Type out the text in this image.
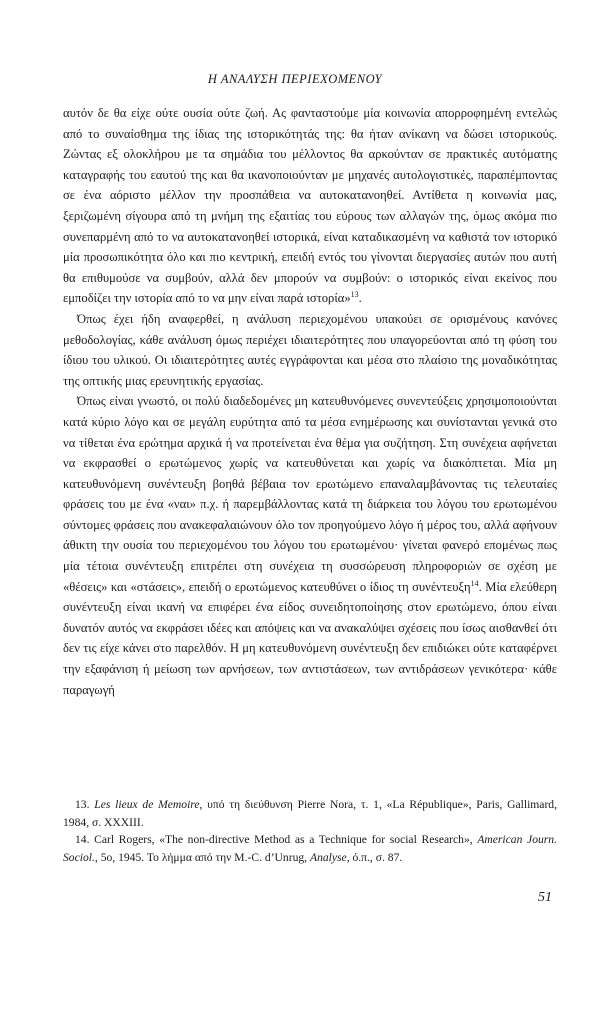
Η ΑΝΑΛΥΣΗ ΠΕΡΙΕΧΟΜΕΝΟΥ

αυτόν δε θα είχε ούτε ουσία ούτε ζωή. Ας φανταστούμε μία κοινωνία απορροφημένη εντελώς από το συναίσθημα της ίδιας της ιστορικότητάς της: θα ήταν ανίκανη να δώσει ιστορικούς. Ζώντας εξ ολοκλήρου με τα σημάδια του μέλλοντος θα αρκούνταν σε πρακτικές αυτόματης καταγραφής του εαυτού της και θα ικανοποιούνταν με μηχανές αυτολογιστικές, παραπέμποντας σε ένα αόριστο μέλλον την προσπάθεια να αυτοκατανοηθεί. Αντίθετα η κοινωνία μας, ξεριζωμένη σίγουρα από τη μνήμη της εξαιτίας του εύρους των αλλαγών της, όμως ακόμα πιο συνεπαρμένη από το να αυτοκατανοηθεί ιστορικά, είναι καταδικασμένη να καθιστά τον ιστορικό μία προσωπικότητα όλο και πιο κεντρική, επειδή εντός του γίνονται διεργασίες αυτών που αυτή θα επιθυμούσε να συμβούν, αλλά δεν μπορούν να συμβούν: ο ιστορικός είναι εκείνος που εμποδίζει την ιστορία από το να μην είναι παρά ιστορία»$^{13}$.

Όπως έχει ήδη αναφερθεί, η ανάλυση περιεχομένου υπακούει σε ορισμένους κανόνες μεθοδολογίας, κάθε ανάλυση όμως περιέχει ιδιαιτερότητες που υπαγορεύονται από τη φύση του ίδιου του υλικού. Οι ιδιαιτερότητες αυτές εγγράφονται και μέσα στο πλαίσιο της μοναδικότητας της οπτικής μιας ερευνητικής εργασίας.

Όπως είναι γνωστό, οι πολύ διαδεδομένες μη κατευθυνόμενες συνεντεύξεις χρησιμοποιούνται κατά κύριο λόγο και σε μεγάλη ευρύτητα από τα μέσα ενημέρωσης και συνίστανται γενικά στο να τίθεται ένα ερώτημα αρχικά ή να προτείνεται ένα θέμα για συζήτηση. Στη συνέχεια αφήνεται να εκφρασθεί ο ερωτώμενος χωρίς να κατευθύνεται και χωρίς να διακόπτεται. Μία μη κατευθυνόμενη συνέντευξη βοηθά βέβαια τον ερωτώμενο επαναλαμβάνοντας τις τελευταίες φράσεις του με ένα «ναι» π.χ. ή παρεμβάλλοντας κατά τη διάρκεια του λόγου του ερωτωμένου σύντομες φράσεις που ανακεφαλαιώνουν όλο τον προηγούμενο λόγο ή μέρος του, αλλά αφήνουν άθικτη την ουσία του περιεχομένου του λόγου του ερωτωμένου· γίνεται φανερό επομένως πως μία τέτοια συνέντευξη επιτρέπει στη συνέχεια τη συσσώρευση πληροφοριών σε σχέση με «θέσεις» και «στάσεις», επειδή ο ερωτώμενος κατευθύνει ο ίδιος τη συνέντευξη$^{14}$. Μία ελεύθερη συνέντευξη είναι ικανή να επιφέρει ένα είδος συνειδητοποίησης στον ερωτώμενο, όπου είναι δυνατόν αυτός να εκφράσει ιδέες και απόψεις και να ανακαλύψει σχέσεις που ίσως αισθανθεί ότι δεν τις είχε κάνει στο παρελθόν. Η μη κατευθυνόμενη συνέντευξη δεν επιδιώκει ούτε καταφέρνει την εξαφάνιση ή μείωση των αρνήσεων, των αντιστάσεων, των αντιδράσεων γενικότερα· κάθε παραγωγή

13. Les lieux de Memoire, υπό τη διεύθυνση Pierre Nora, τ. 1, «La République», Paris, Gallimard, 1984, σ. XXXIII.

14. Carl Rogers, «The non-directive Method as a Technique for social Research», American Journ. Sociol., 5ο, 1945. Το λήμμα από την M.-C. d’Unrug, Analyse, ό.π., σ. 87.

51
